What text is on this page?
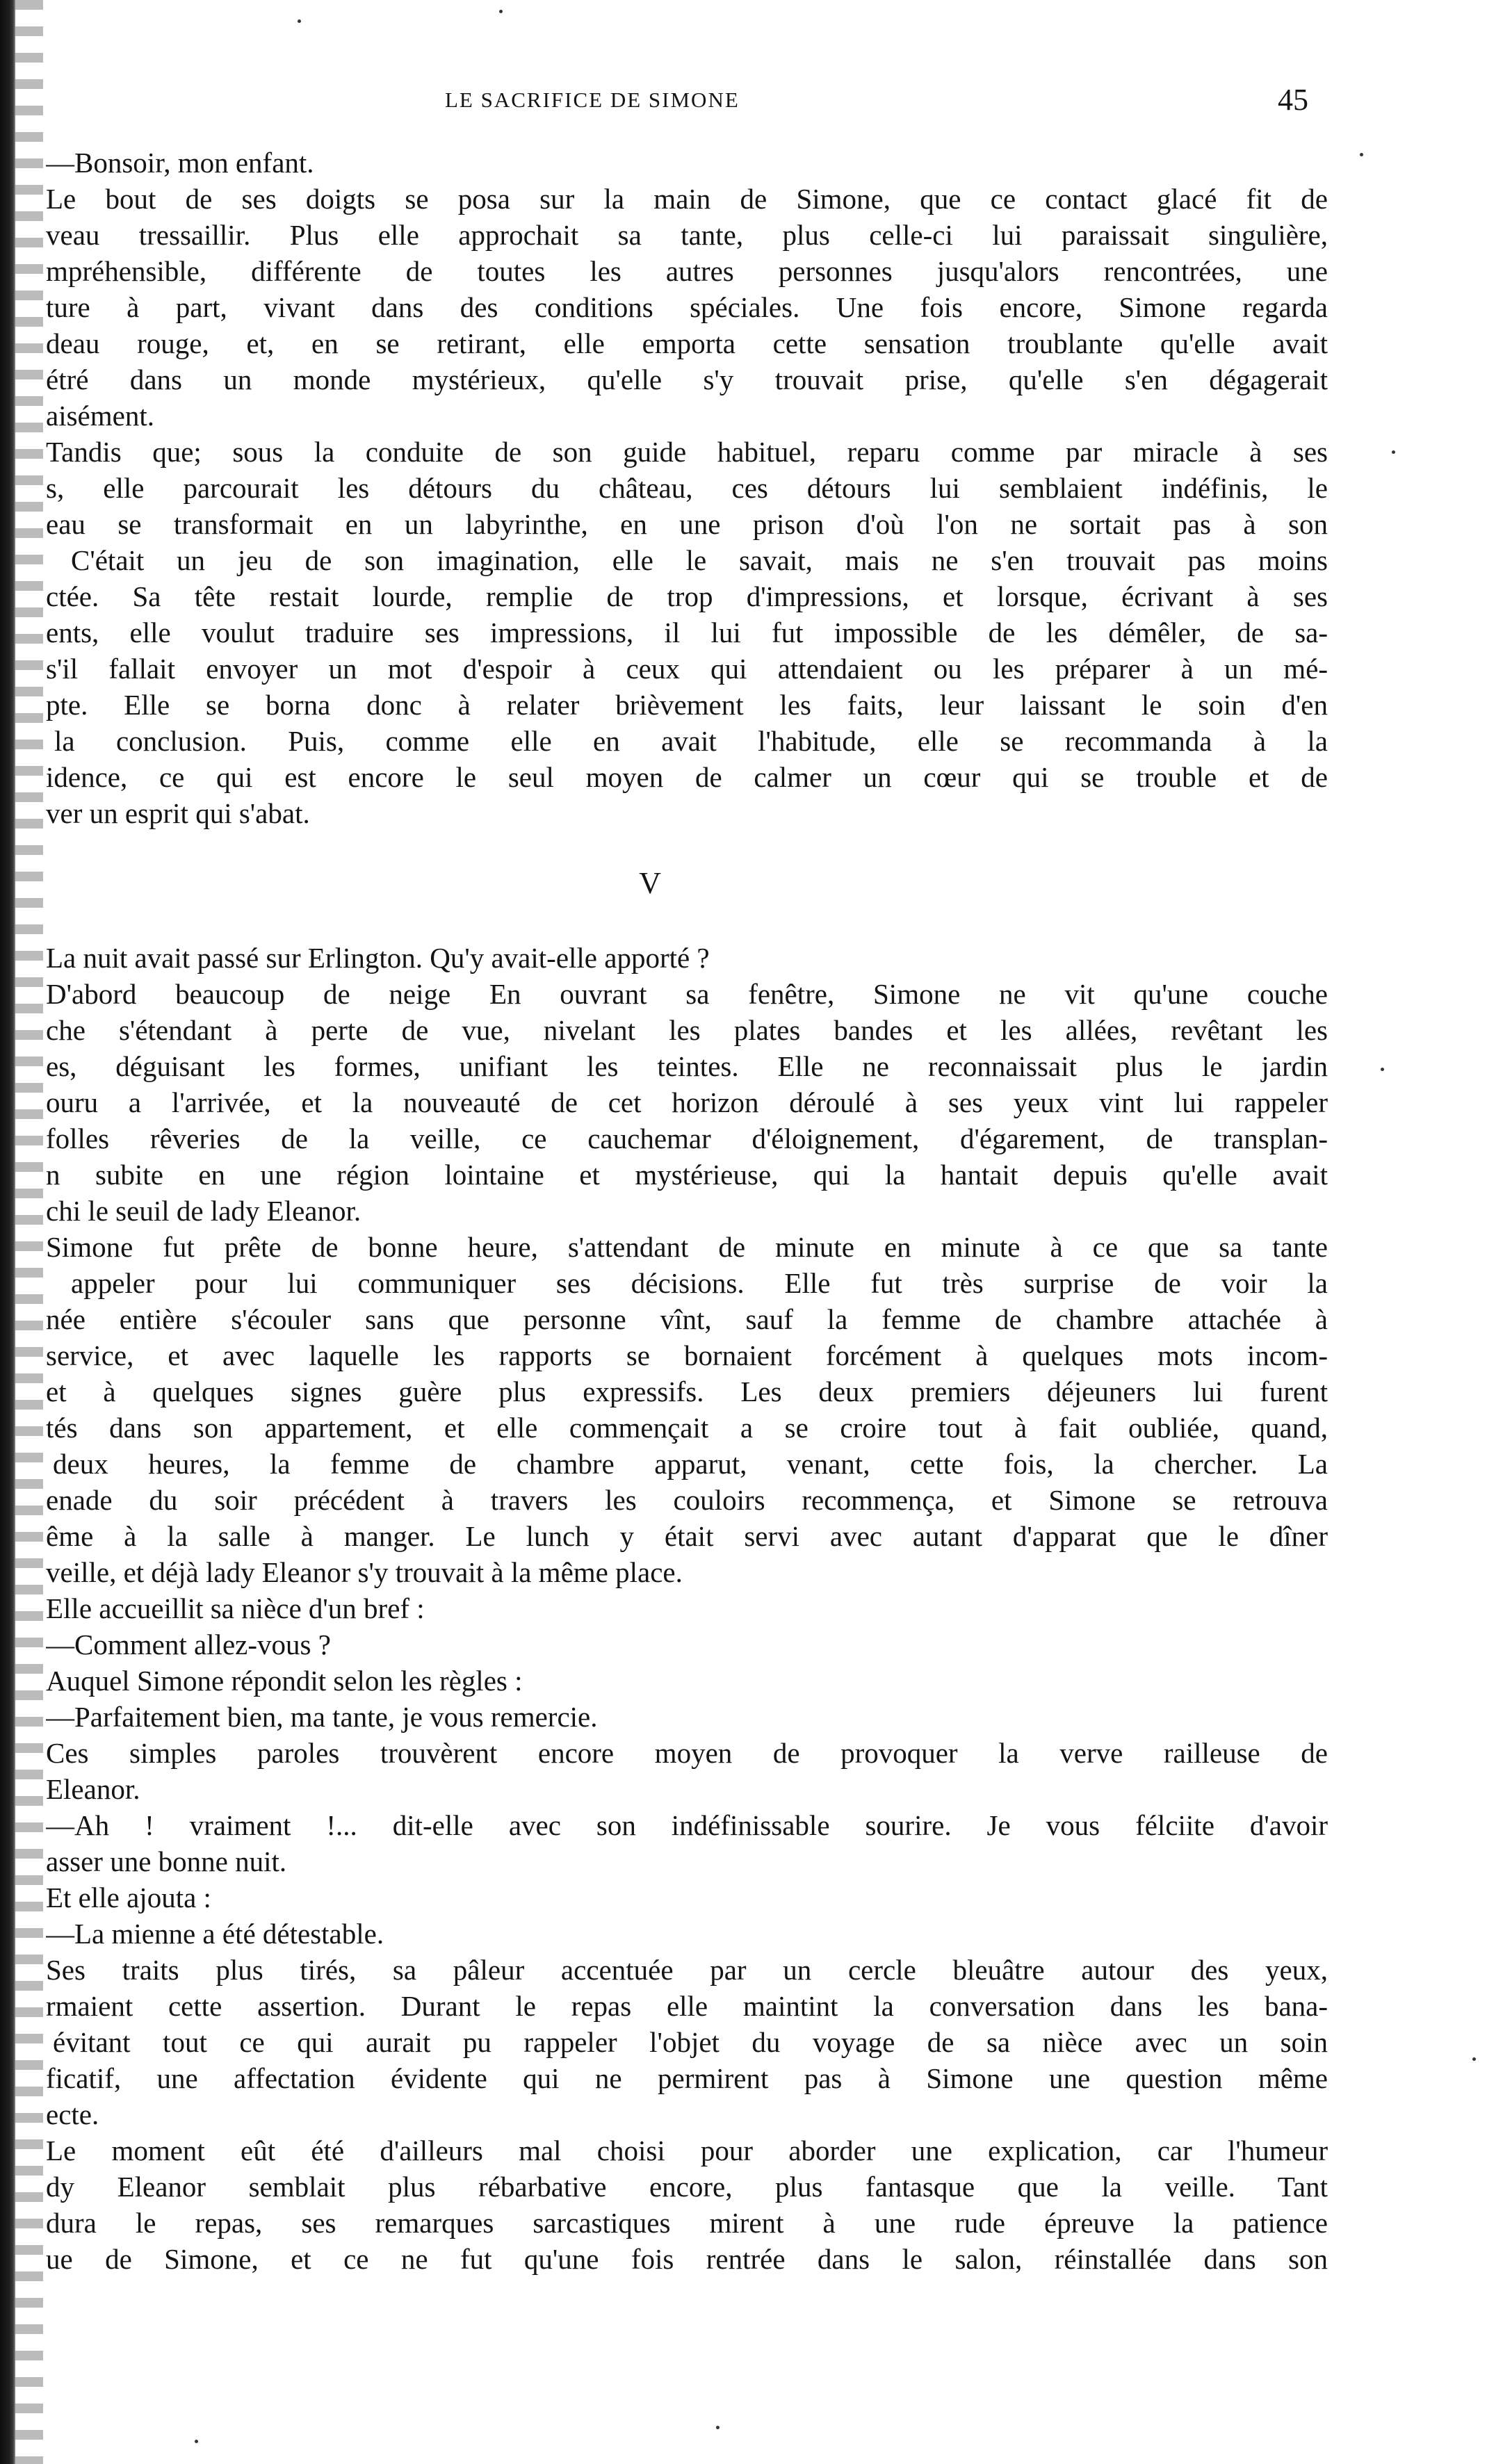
LE SACRIFICE DE SIMONE	45
—Bonsoir, mon enfant.
Le bout de ses doigts se posa sur la main de Simone, que ce contact glacé fit de
veau tressaillir. Plus elle approchait sa tante, plus celle-ci lui paraissait singulière,
mpréhensible, différente de toutes les autres personnes jusqu'alors rencontrées, une
ture à part, vivant dans des conditions spéciales. Une fois encore, Simone regarda
deau rouge, et, en se retirant, elle emporta cette sensation troublante qu'elle avait
étré dans un monde mystérieux, qu'elle s'y trouvait prise, qu'elle s'en dégagerait
aisément.
Tandis que; sous la conduite de son guide habituel, reparu comme par miracle à ses
s, elle parcourait les détours du château, ces détours lui semblaient indéfinis, le
eau se transformait en un labyrinthe, en une prison d'où l'on ne sortait pas à son
C'était un jeu de son imagination, elle le savait, mais ne s'en trouvait pas moins
ctée. Sa tête restait lourde, remplie de trop d'impressions, et lorsque, écrivant à ses
ents, elle voulut traduire ses impressions, il lui fut impossible de les démêler, de sa-
s'il fallait envoyer un mot d'espoir à ceux qui attendaient ou les préparer à un mé-
pte. Elle se borna donc à relater brièvement les faits, leur laissant le soin d'en
la conclusion. Puis, comme elle en avait l'habitude, elle se recommanda à la
idence, ce qui est encore le seul moyen de calmer un cœur qui se trouble et de
ver un esprit qui s'abat.
V
La nuit avait passé sur Erlington. Qu'y avait-elle apporté ?
D'abord beaucoup de neige En ouvrant sa fenêtre, Simone ne vit qu'une couche
che s'étendant à perte de vue, nivelant les plates bandes et les allées, revêtant les
es, déguisant les formes, unifiant les teintes. Elle ne reconnaissait plus le jardin
ouru a l'arrivée, et la nouveauté de cet horizon déroulé à ses yeux vint lui rappeler
folles rêveries de la veille, ce cauchemar d'éloignement, d'égarement, de transplan-
n subite en une région lointaine et mystérieuse, qui la hantait depuis qu'elle avait
chi le seuil de lady Eleanor.
Simone fut prête de bonne heure, s'attendant de minute en minute à ce que sa tante
appeler pour lui communiquer ses décisions. Elle fut très surprise de voir la
née entière s'écouler sans que personne vînt, sauf la femme de chambre attachée à
service, et avec laquelle les rapports se bornaient forcément à quelques mots incom-
et à quelques signes guère plus expressifs. Les deux premiers déjeuners lui furent
tés dans son appartement, et elle commençait a se croire tout à fait oubliée, quand,
deux heures, la femme de chambre apparut, venant, cette fois, la chercher. La
enade du soir précédent à travers les couloirs recommença, et Simone se retrouva
ême à la salle à manger. Le lunch y était servi avec autant d'apparat que le dîner
veille, et déjà lady Eleanor s'y trouvait à la même place.
Elle accueillit sa nièce d'un bref :
—Comment allez-vous ?
Auquel Simone répondit selon les règles :
—Parfaitement bien, ma tante, je vous remercie.
Ces simples paroles trouvèrent encore moyen de provoquer la verve railleuse de
Eleanor.
—Ah ! vraiment !... dit-elle avec son indéfinissable sourire. Je vous félciite d'avoir
asser une bonne nuit.
Et elle ajouta :
—La mienne a été détestable.
Ses traits plus tirés, sa pâleur accentuée par un cercle bleuâtre autour des yeux,
rmaient cette assertion. Durant le repas elle maintint la conversation dans les bana-
évitant tout ce qui aurait pu rappeler l'objet du voyage de sa nièce avec un soin
ficatif, une affectation évidente qui ne permirent pas à Simone une question même
ecte.
Le moment eût été d'ailleurs mal choisi pour aborder une explication, car l'humeur
dy Eleanor semblait plus rébarbative encore, plus fantasque que la veille. Tant
dura le repas, ses remarques sarcastiques mirent à une rude épreuve la patience
ue de Simone, et ce ne fut qu'une fois rentrée dans le salon, réinstallée dans son
